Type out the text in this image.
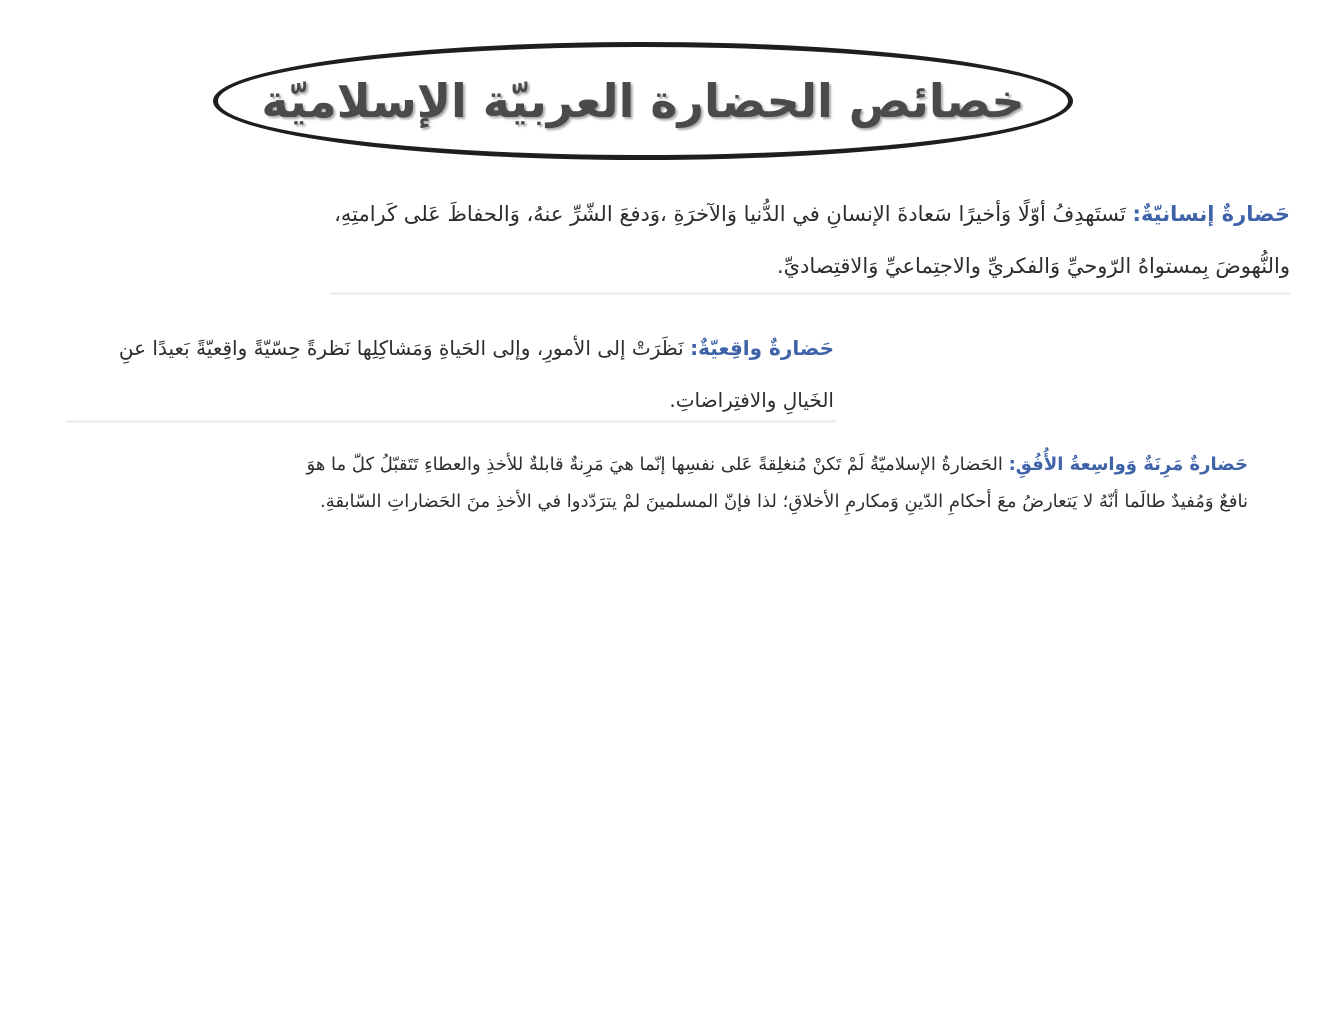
خصائص الحضارة العربيّة الإسلاميّة
حَضارةٌ إنسانيّةٌ: تَستَهدِفُ أوّلًا وَأخيرًا سَعادةَ الإنسانِ في الدُّنيا وَالآخرَةِ ،وَدفعَ الشّرِّ عنهُ، وَالحفاظَ عَلى كَرامتِهِ، والنُّهوضَ بِمستواهُ الرّوحيِّ وَالفكريِّ والاجتِماعيِّ وَالاقتِصاديِّ.
حَضارةٌ واقِعيّةٌ: نَظَرَتْ إلى الأمورِ، وإلى الحَياةِ وَمَشاكِلِها نَظرةً حِسّيّةً واقِعيّةً بَعيدًا عنِ الخَيالِ والافتِراضاتِ.
حَضارةٌ مَرِنَةٌ وَواسِعةُ الأُفُقِ: الحَضارةُ الإسلاميّةُ لَمْ تَكنْ مُنغلِقةً عَلى نفسِها إنّما هيَ مَرِنةٌ قابلةٌ للأخذِ والعطاءِ تَتَقبّلُ كلّ ما هوَ نافعٌ وَمُفيدٌ طالَما أنّهُ لا يَتعارضُ معَ أحكامِ الدّينِ وَمكارمِ الأخلاقِ؛ لذا فإنّ المسلمينَ لمْ يترَدّدوا في الأخذِ منَ الحَضاراتِ السّابقةِ.
